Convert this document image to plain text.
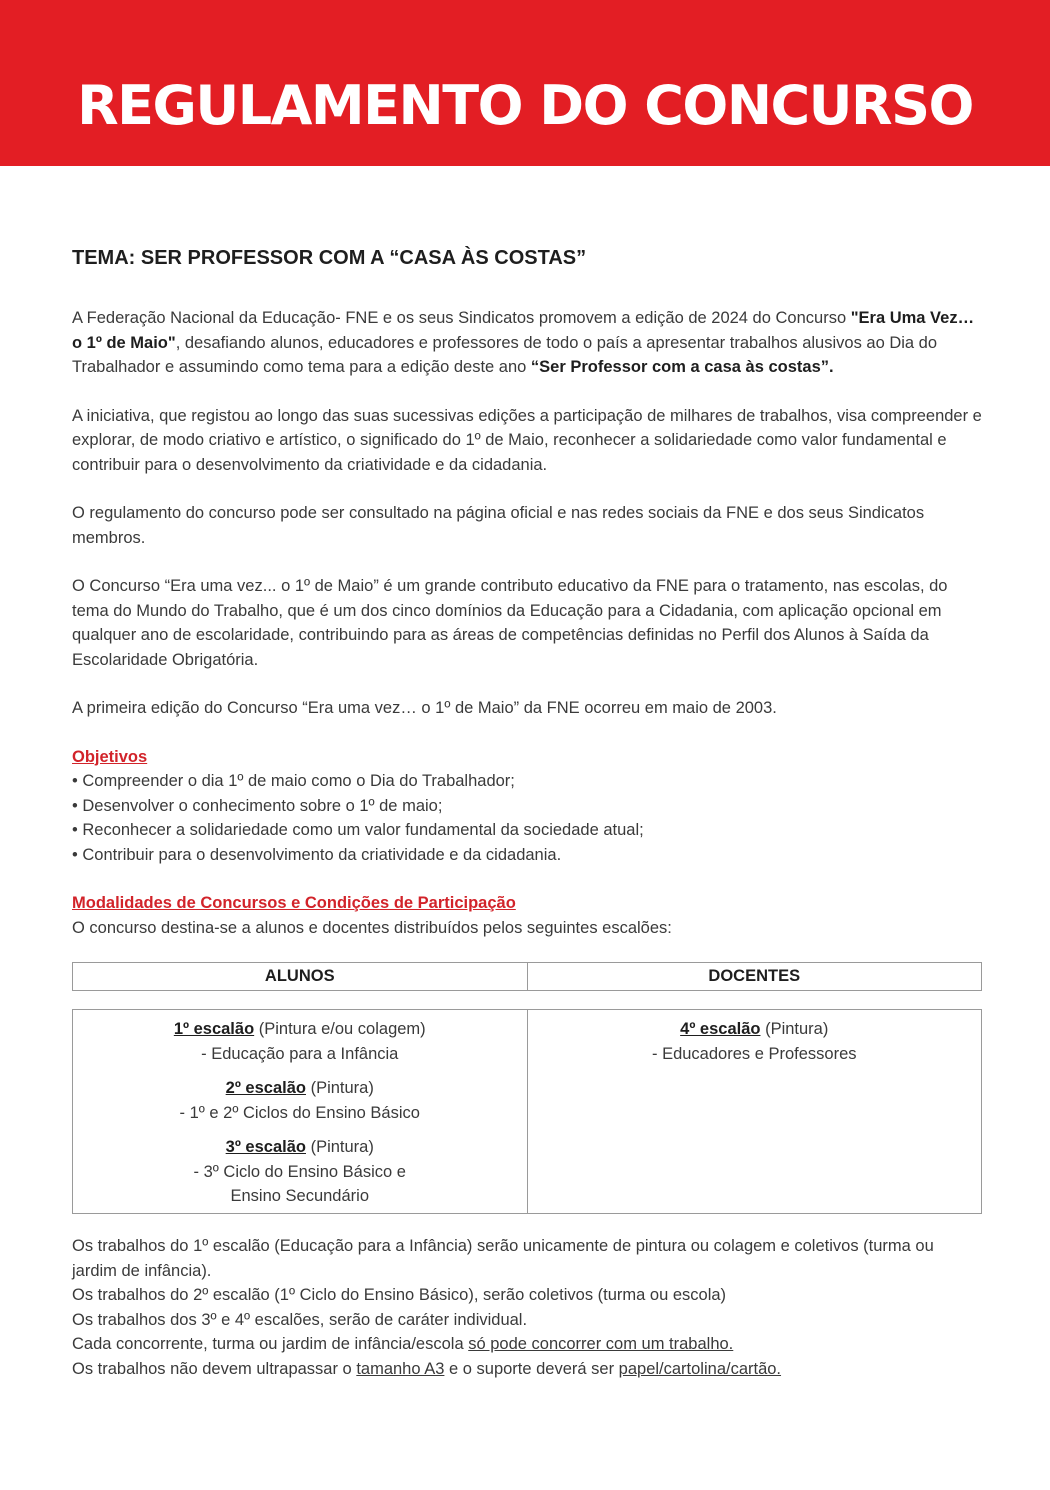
REGULAMENTO DO CONCURSO
TEMA: SER PROFESSOR COM A “CASA ÀS COSTAS”

A Federação Nacional da Educação- FNE e os seus Sindicatos promovem a edição de 2024 do Concurso "Era Uma Vez… o 1º de Maio", desafiando alunos, educadores e professores de todo o país a apresentar trabalhos alusivos ao Dia do Trabalhador e assumindo como tema para a edição deste ano “Ser Professor com a casa às costas”.

A iniciativa, que registou ao longo das suas sucessivas edições a participação de milhares de trabalhos, visa compreender e explorar, de modo criativo e artístico, o significado do 1º de Maio, reconhecer a solidariedade como valor fundamental e contribuir para o desenvolvimento da criatividade e da cidadania.

O regulamento do concurso pode ser consultado na página oficial e nas redes sociais da FNE e dos seus Sindicatos membros.

O Concurso “Era uma vez... o 1º de Maio” é um grande contributo educativo da FNE para o tratamento, nas escolas, do tema do Mundo do Trabalho, que é um dos cinco domínios da Educação para a Cidadania, com aplicação opcional em qualquer ano de escolaridade, contribuindo para as áreas de competências definidas no Perfil dos Alunos à Saída da Escolaridade Obrigatória.

A primeira edição do Concurso “Era uma vez… o 1º de Maio” da FNE ocorreu em maio de 2003.

Objetivos
• Compreender o dia 1º de maio como o Dia do Trabalhador;
• Desenvolver o conhecimento sobre o 1º de maio;
• Reconhecer a solidariedade como um valor fundamental da sociedade atual;
• Contribuir para o desenvolvimento da criatividade e da cidadania.
Modalidades de Concursos e Condições de Participação
O concurso destina-se a alunos e docentes distribuídos pelos seguintes escalões:
ALUNOS	DOCENTES
1º escalão (Pintura e/ou colagem)
- Educação para a Infância
2º escalão (Pintura)
- 1º e 2º Ciclos do Ensino Básico
3º escalão (Pintura)
- 3º Ciclo do Ensino Básico e
Ensino Secundário
4º escalão (Pintura)
- Educadores e Professores
Os trabalhos do 1º escalão (Educação para a Infância) serão unicamente de pintura ou colagem e coletivos (turma ou jardim de infância).
Os trabalhos do 2º escalão (1º Ciclo do Ensino Básico), serão coletivos (turma ou escola)
Os trabalhos dos 3º e 4º escalões, serão de caráter individual.
Cada concorrente, turma ou jardim de infância/escola só pode concorrer com um trabalho.
Os trabalhos não devem ultrapassar o tamanho A3 e o suporte deverá ser papel/cartolina/cartão.
